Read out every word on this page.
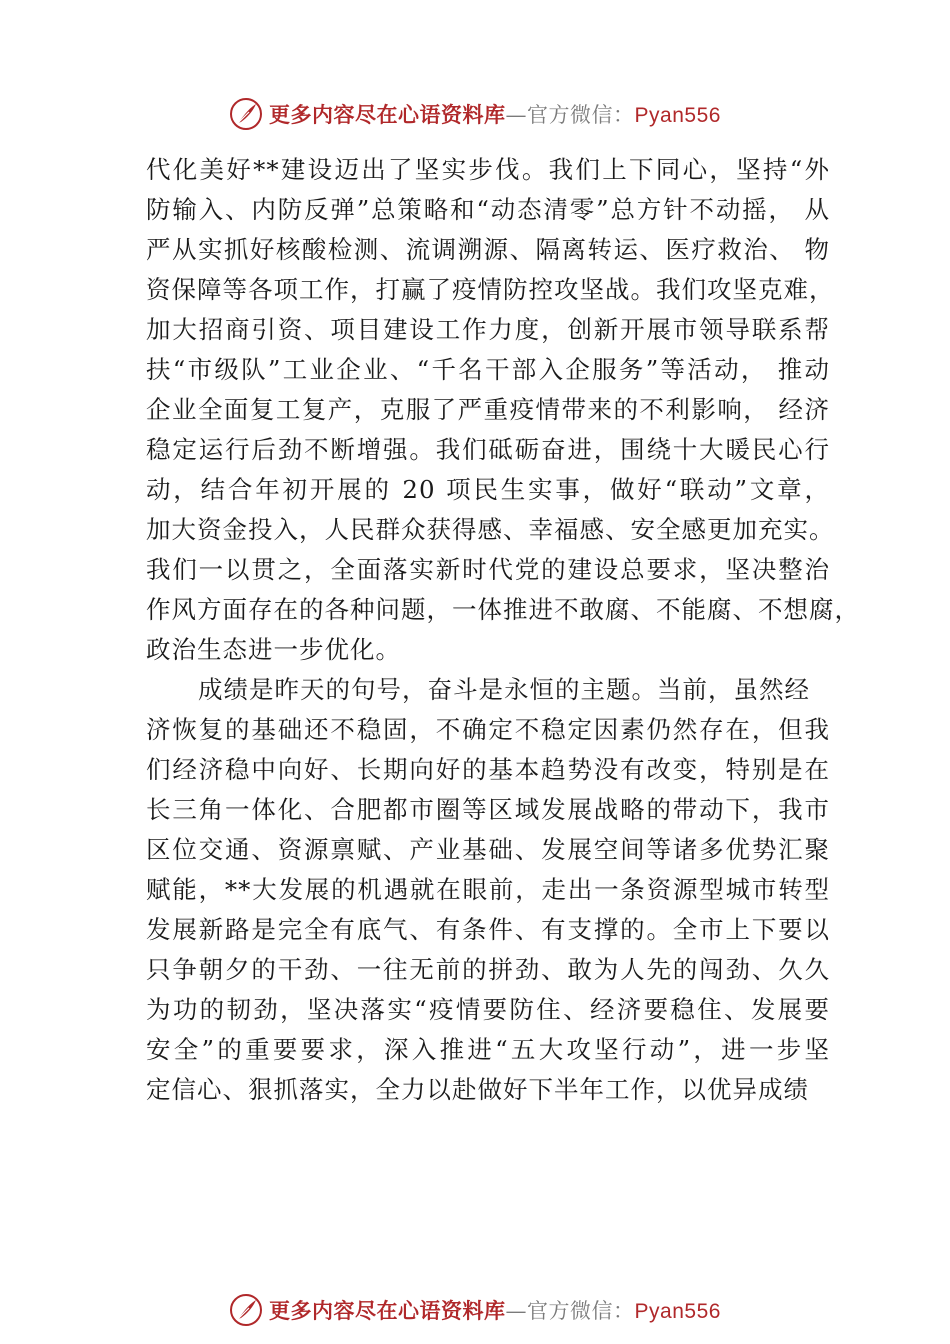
更多内容尽在心语资料库—官方微信：Pyan556
代化美好**建设迈出了坚实步伐。我们上下同心，坚持“外
防输入、内防反弹”总策略和“动态清零”总方针不动摇， 从
严从实抓好核酸检测、流调溯源、隔离转运、医疗救治、 物
资保障等各项工作，打赢了疫情防控攻坚战。我们攻坚克难，
加大招商引资、项目建设工作力度，创新开展市领导联系帮
扶“市级队”工业企业、“千名干部入企服务”等活动， 推动
企业全面复工复产，克服了严重疫情带来的不利影响， 经济
稳定运行后劲不断增强。我们砥砺奋进，围绕十大暖民心行
动，结合年初开展的 20 项民生实事，做好“联动”文章，
加大资金投入，人民群众获得感、幸福感、安全感更加充实。
我们一以贯之，全面落实新时代党的建设总要求，坚决整治
作风方面存在的各种问题，一体推进不敢腐、不能腐、不想腐，
政治生态进一步优化。
成绩是昨天的句号，奋斗是永恒的主题。当前，虽然经
济恢复的基础还不稳固，不确定不稳定因素仍然存在，但我
们经济稳中向好、长期向好的基本趋势没有改变，特别是在
长三角一体化、合肥都市圈等区域发展战略的带动下，我市
区位交通、资源禀赋、产业基础、发展空间等诸多优势汇聚
赋能，**大发展的机遇就在眼前，走出一条资源型城市转型
发展新路是完全有底气、有条件、有支撑的。全市上下要以
只争朝夕的干劲、一往无前的拼劲、敢为人先的闯劲、久久
为功的韧劲，坚决落实“疫情要防住、经济要稳住、发展要
安全”的重要要求，深入推进“五大攻坚行动”，进一步坚
定信心、狠抓落实，全力以赴做好下半年工作，以优异成绩
更多内容尽在心语资料库—官方微信：Pyan556
